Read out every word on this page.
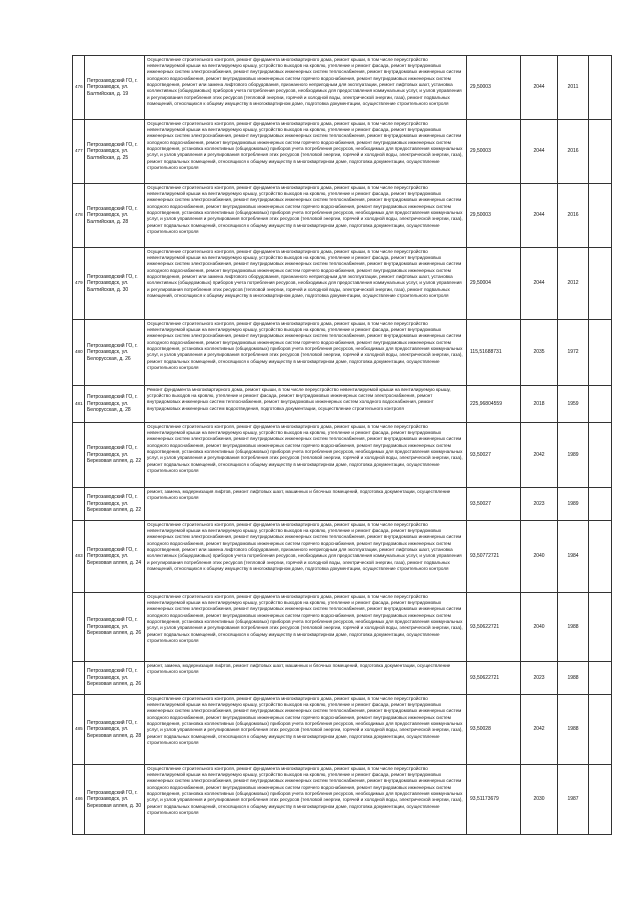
476	Петрозаводский ГО, г. Петрозаводск, ул. Балтийская, д. 19	Осуществление строительного контроля, ремонт фундамента многоквартирного дома, ремонт крыши, в том числе переустройство невентилируемой крыши на вентилируемую крышу, устройство выходов на кровлю, утепление и ремонт фасада, ремонт внутридомовых инженерных систем электроснабжения, ремонт внутридомовых инженерных систем теплоснабжения, ремонт внутридомовых инженерных систем холодного водоснабжения, ремонт внутридомовых инженерных систем горячего водоснабжения, ремонт внутридомовых инженерных систем водоотведения, ремонт или замена лифтового оборудования, признанного непригодным для эксплуатации, ремонт лифтовых шахт, установка коллективных (общедомовых) приборов учета потребления ресурсов, необходимых для предоставления коммунальных услуг, и узлов управления и регулирования потребления этих ресурсов (тепловой энергии, горячей и холодной воды, электрической энергии, газа), ремонт подвальных помещений, относящихся к общему имуществу в многоквартирном доме, подготовка документации, осуществление строительного контроля	29,50003	2044	2011	
477	Петрозаводский ГО, г. Петрозаводск, ул. Балтийская, д. 25	Осуществление строительного контроля, ремонт фундамента многоквартирного дома, ремонт крыши, в том числе переустройство невентилируемой крыши на вентилируемую крышу, устройство выходов на кровлю, утепление и ремонт фасада, ремонт внутридомовых инженерных систем электроснабжения, ремонт внутридомовых инженерных систем теплоснабжения, ремонт внутридомовых инженерных систем холодного водоснабжения, ремонт внутридомовых инженерных систем горячего водоснабжения, ремонт внутридомовых инженерных систем водоотведения, установка коллективных (общедомовых) приборов учета потребления ресурсов, необходимых для предоставления коммунальных услуг, и узлов управления и регулирования потребления этих ресурсов (тепловой энергии, горячей и холодной воды, электрической энергии, газа), ремонт подвальных помещений, относящихся к общему имуществу в многоквартирном доме, подготовка документации, осуществление строительного контроля	29,50003	2044	2016	
478	Петрозаводский ГО, г. Петрозаводск, ул. Балтийская, д. 28	Осуществление строительного контроля, ремонт фундамента многоквартирного дома, ремонт крыши, в том числе переустройство невентилируемой крыши на вентилируемую крышу, устройство выходов на кровлю, утепление и ремонт фасада, ремонт внутридомовых инженерных систем электроснабжения, ремонт внутридомовых инженерных систем теплоснабжения, ремонт внутридомовых инженерных систем холодного водоснабжения, ремонт внутридомовых инженерных систем горячего водоснабжения, ремонт внутридомовых инженерных систем водоотведения, установка коллективных (общедомовых) приборов учета потребления ресурсов, необходимых для предоставления коммунальных услуг, и узлов управления и регулирования потребления этих ресурсов (тепловой энергии, горячей и холодной воды, электрической энергии, газа), ремонт подвальных помещений, относящихся к общему имуществу в многоквартирном доме, подготовка документации, осуществление строительного контроля	29,50003	2044	2016	
479	Петрозаводский ГО, г. Петрозаводск, ул. Балтийская, д. 30	Осуществление строительного контроля, ремонт фундамента многоквартирного дома, ремонт крыши, в том числе переустройство невентилируемой крыши на вентилируемую крышу, устройство выходов на кровлю, утепление и ремонт фасада, ремонт внутридомовых инженерных систем электроснабжения, ремонт внутридомовых инженерных систем теплоснабжения, ремонт внутридомовых инженерных систем холодного водоснабжения, ремонт внутридомовых инженерных систем горячего водоснабжения, ремонт внутридомовых инженерных систем водоотведения, ремонт или замена лифтового оборудования, признанного непригодным для эксплуатации, ремонт лифтовых шахт, установка коллективных (общедомовых) приборов учета потребления ресурсов, необходимых для предоставления коммунальных услуг, и узлов управления и регулирования потребления этих ресурсов (тепловой энергии, горячей и холодной воды, электрической энергии, газа), ремонт подвальных помещений, относящихся к общему имуществу в многоквартирном доме, подготовка документации, осуществление строительного контроля	29,50004	2044	2012	
480	Петрозаводский ГО, г. Петрозаводск, ул. Белорусская, д. 26	Осуществление строительного контроля, ремонт фундамента многоквартирного дома, ремонт крыши, в том числе переустройство невентилируемой крыши на вентилируемую крышу, устройство выходов на кровлю, утепление и ремонт фасада, ремонт внутридомовых инженерных систем электроснабжения, ремонт внутридомовых инженерных систем теплоснабжения, ремонт внутридомовых инженерных систем холодного водоснабжения, ремонт внутридомовых инженерных систем горячего водоснабжения, ремонт внутридомовых инженерных систем водоотведения, установка коллективных (общедомовых) приборов учета потребления ресурсов, необходимых для предоставления коммунальных услуг, и узлов управления и регулирования потребления этих ресурсов (тепловой энергии, горячей и холодной воды, электрической энергии, газа), ремонт подвальных помещений, относящихся к общему имуществу в многоквартирном доме, подготовка документации, осуществление строительного контроля	115,51688731	2035	1972	
481	Петрозаводский ГО, г. Петрозаводск, ул. Белорусская, д. 28	Ремонт фундамента многоквартирного дома, ремонт крыши, в том числе переустройство невентилируемой крыши на вентилируемую крышу, устройство выходов на кровлю, утепление и ремонт фасада, ремонт внутридомовых инженерных систем электроснабжения, ремонт внутридомовых инженерных систем теплоснабжения, ремонт внутридомовых инженерных систем холодного водоснабжения, ремонт внутридомовых инженерных систем водоотведения, подготовка документации, осуществление строительного контроля	225,96804559	2018	1959	
	Петрозаводский ГО, г. Петрозаводск, ул. Березовая аллея, д. 22	Осуществление строительного контроля, ремонт фундамента многоквартирного дома, ремонт крыши, в том числе переустройство невентилируемой крыши на вентилируемую крышу, устройство выходов на кровлю, утепление и ремонт фасада, ремонт внутридомовых инженерных систем электроснабжения, ремонт внутридомовых инженерных систем теплоснабжения, ремонт внутридомовых инженерных систем холодного водоснабжения, ремонт внутридомовых инженерных систем горячего водоснабжения, ремонт внутридомовых инженерных систем водоотведения, установка коллективных (общедомовых) приборов учета потребления ресурсов, необходимых для предоставления коммунальных услуг, и узлов управления и регулирования потребления этих ресурсов (тепловой энергии, горячей и холодной воды, электрической энергии, газа), ремонт подвальных помещений, относящихся к общему имуществу в многоквартирном доме, подготовка документации, осуществление строительного контроля	93,50027	2042	1989	
	Петрозаводский ГО, г. Петрозаводск, ул. Березовая аллея, д. 22	ремонт, замена, модернизация лифтов, ремонт лифтовых шахт, машинных и блочных помещений, подготовка документации, осуществление строительного контроля	93,50027	2023	1989	
483	Петрозаводский ГО, г. Петрозаводск, ул. Березовая аллея, д. 24	Осуществление строительного контроля, ремонт фундамента многоквартирного дома, ремонт крыши, в том числе переустройство невентилируемой крыши на вентилируемую крышу, устройство выходов на кровлю, утепление и ремонт фасада, ремонт внутридомовых инженерных систем электроснабжения, ремонт внутридомовых инженерных систем теплоснабжения, ремонт внутридомовых инженерных систем холодного водоснабжения, ремонт внутридомовых инженерных систем горячего водоснабжения, ремонт внутридомовых инженерных систем водоотведения, ремонт или замена лифтового оборудования, признанного непригодным для эксплуатации, ремонт лифтовых шахт, установка коллективных (общедомовых) приборов учета потребления ресурсов, необходимых для предоставления коммунальных услуг, и узлов управления и регулирования потребления этих ресурсов (тепловой энергии, горячей и холодной воды, электрической энергии, газа), ремонт подвальных помещений, относящихся к общему имуществу в многоквартирном доме, подготовка документации, осуществление строительного контроля	93,50772721	2040	1984	
	Петрозаводский ГО, г. Петрозаводск, ул. Березовая аллея, д. 26	Осуществление строительного контроля, ремонт фундамента многоквартирного дома, ремонт крыши, в том числе переустройство невентилируемой крыши на вентилируемую крышу, устройство выходов на кровлю, утепление и ремонт фасада, ремонт внутридомовых инженерных систем электроснабжения, ремонт внутридомовых инженерных систем теплоснабжения, ремонт внутридомовых инженерных систем холодного водоснабжения, ремонт внутридомовых инженерных систем горячего водоснабжения, ремонт внутридомовых инженерных систем водоотведения, установка коллективных (общедомовых) приборов учета потребления ресурсов, необходимых для предоставления коммунальных услуг, и узлов управления и регулирования потребления этих ресурсов (тепловой энергии, горячей и холодной воды, электрической энергии, газа), ремонт подвальных помещений, относящихся к общему имуществу в многоквартирном доме, подготовка документации, осуществление строительного контроля	93,50622721	2040	1988	
	Петрозаводский ГО, г. Петрозаводск, ул. Березовая аллея, д. 26	ремонт, замена, модернизация лифтов, ремонт лифтовых шахт, машинных и блочных помещений, подготовка документации, осуществление строительного контроля	93,50622721	2023	1988	
485	Петрозаводский ГО, г. Петрозаводск, ул. Березовая аллея, д. 28	Осуществление строительного контроля, ремонт фундамента многоквартирного дома, ремонт крыши, в том числе переустройство невентилируемой крыши на вентилируемую крышу, устройство выходов на кровлю, утепление и ремонт фасада, ремонт внутридомовых инженерных систем электроснабжения, ремонт внутридомовых инженерных систем теплоснабжения, ремонт внутридомовых инженерных систем холодного водоснабжения, ремонт внутридомовых инженерных систем горячего водоснабжения, ремонт внутридомовых инженерных систем водоотведения, установка коллективных (общедомовых) приборов учета потребления ресурсов, необходимых для предоставления коммунальных услуг, и узлов управления и регулирования потребления этих ресурсов (тепловой энергии, горячей и холодной воды, электрической энергии, газа), ремонт подвальных помещений, относящихся к общему имуществу в многоквартирном доме, подготовка документации, осуществление строительного контроля	93,50028	2042	1988	
486	Петрозаводский ГО, г. Петрозаводск, ул. Березовая аллея, д. 30	Осуществление строительного контроля, ремонт фундамента многоквартирного дома, ремонт крыши, в том числе переустройство невентилируемой крыши на вентилируемую крышу, устройство выходов на кровлю, утепление и ремонт фасада, ремонт внутридомовых инженерных систем электроснабжения, ремонт внутридомовых инженерных систем теплоснабжения, ремонт внутридомовых инженерных систем холодного водоснабжения, ремонт внутридомовых инженерных систем горячего водоснабжения, ремонт внутридомовых инженерных систем водоотведения, установка коллективных (общедомовых) приборов учета потребления ресурсов, необходимых для предоставления коммунальных услуг, и узлов управления и регулирования потребления этих ресурсов (тепловой энергии, горячей и холодной воды, электрической энергии, газа), ремонт подвальных помещений, относящихся к общему имуществу в многоквартирном доме, подготовка документации, осуществление строительного контроля	93,51173679	2030	1987	
